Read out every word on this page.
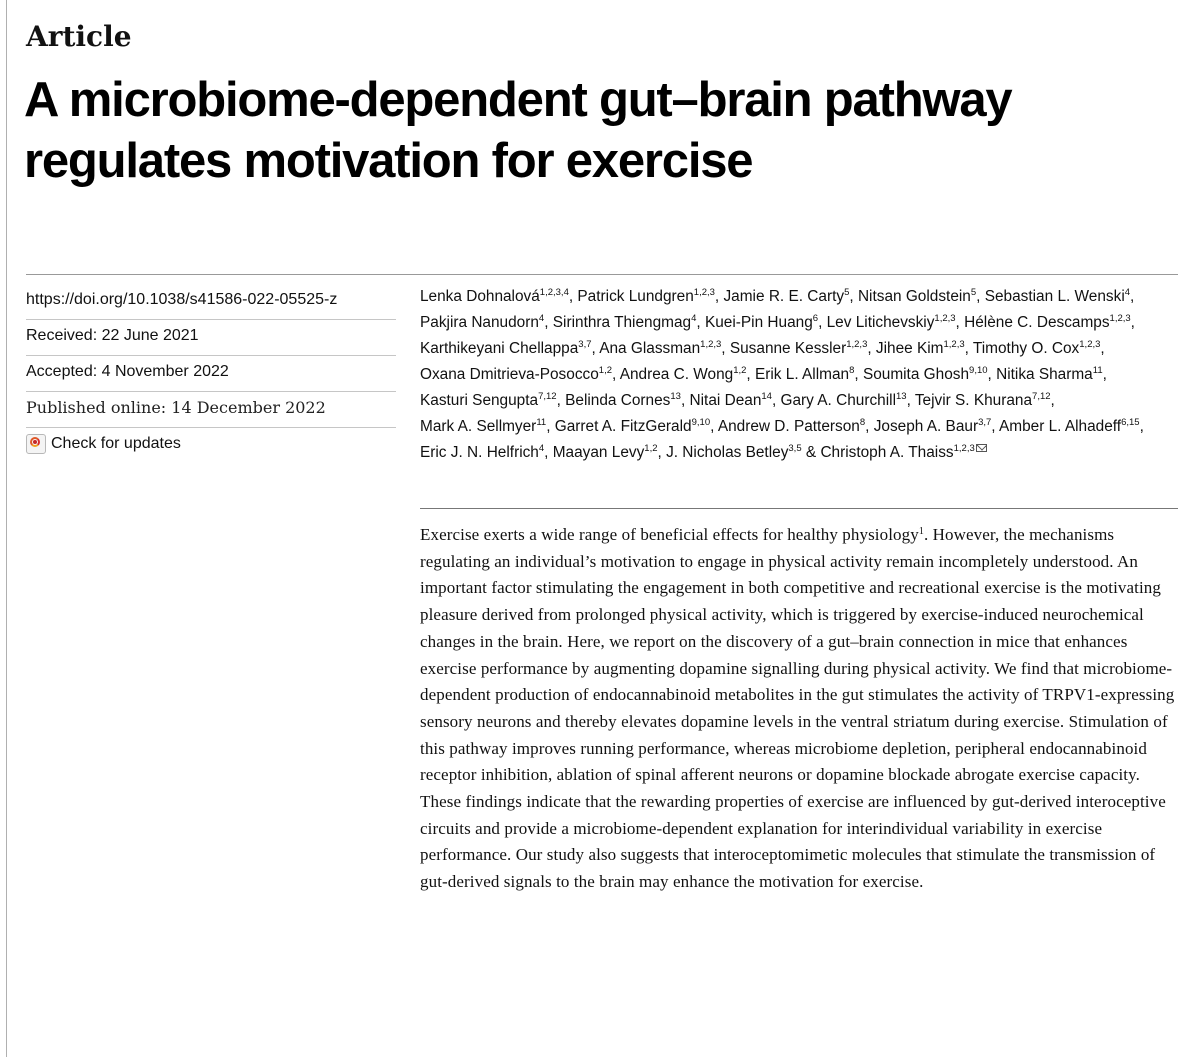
Article
A microbiome-dependent gut–brain pathway regulates motivation for exercise

https://doi.org/10.1038/s41586-022-05525-z

Received: 22 June 2021

Accepted: 4 November 2022

Published online: 14 December 2022

Check for updates
Lenka Dohnalová$^{1,2,3,4}$, Patrick Lundgren$^{1,2,3}$, Jamie R. E. Carty$^5$, Nitsan Goldstein$^5$, Sebastian L. Wenski$^4$, Pakjira Nanudorn$^4$, Sirinthra Thiengmag$^4$, Kuei-Pin Huang$^6$, Lev Litichevskiy$^{1,2,3}$, Hélène C. Descamps$^{1,2,3}$, Karthikeyani Chellappa$^{3,7}$, Ana Glassman$^{1,2,3}$, Susanne Kessler$^{1,2,3}$, Jihee Kim$^{1,2,3}$, Timothy O. Cox$^{1,2,3}$, Oxana Dmitrieva-Posocco$^{1,2}$, Andrea C. Wong$^{1,2}$, Erik L. Allman$^8$, Soumita Ghosh$^{9,10}$, Nitika Sharma$^{11}$, Kasturi Sengupta$^{7,12}$, Belinda Cornes$^{13}$, Nitai Dean$^{14}$, Gary A. Churchill$^{13}$, Tejvir S. Khurana$^{7,12}$, Mark A. Sellmyer$^{11}$, Garret A. FitzGerald$^{9,10}$, Andrew D. Patterson$^8$, Joseph A. Baur$^{3,7}$, Amber L. Alhadeff$^{6,15}$, Eric J. N. Helfrich$^4$, Maayan Levy$^{1,2}$, J. Nicholas Betley$^{3,5}$ & Christoph A. Thaiss$^{1,2,3}$

Exercise exerts a wide range of beneficial effects for healthy physiology$^1$. However, the mechanisms regulating an individual’s motivation to engage in physical activity remain incompletely understood. An important factor stimulating the engagement in both competitive and recreational exercise is the motivating pleasure derived from prolonged physical activity, which is triggered by exercise-induced neurochemical changes in the brain. Here, we report on the discovery of a gut–brain connection in mice that enhances exercise performance by augmenting dopamine signalling during physical activity. We find that microbiome-dependent production of endocannabinoid metabolites in the gut stimulates the activity of TRPV1-expressing sensory neurons and thereby elevates dopamine levels in the ventral striatum during exercise. Stimulation of this pathway improves running performance, whereas microbiome depletion, peripheral endocannabinoid receptor inhibition, ablation of spinal afferent neurons or dopamine blockade abrogate exercise capacity. These findings indicate that the rewarding properties of exercise are influenced by gut-derived interoceptive circuits and provide a microbiome-dependent explanation for interindividual variability in exercise performance. Our study also suggests that interoceptomimetic molecules that stimulate the transmission of gut-derived signals to the brain may enhance the motivation for exercise.
